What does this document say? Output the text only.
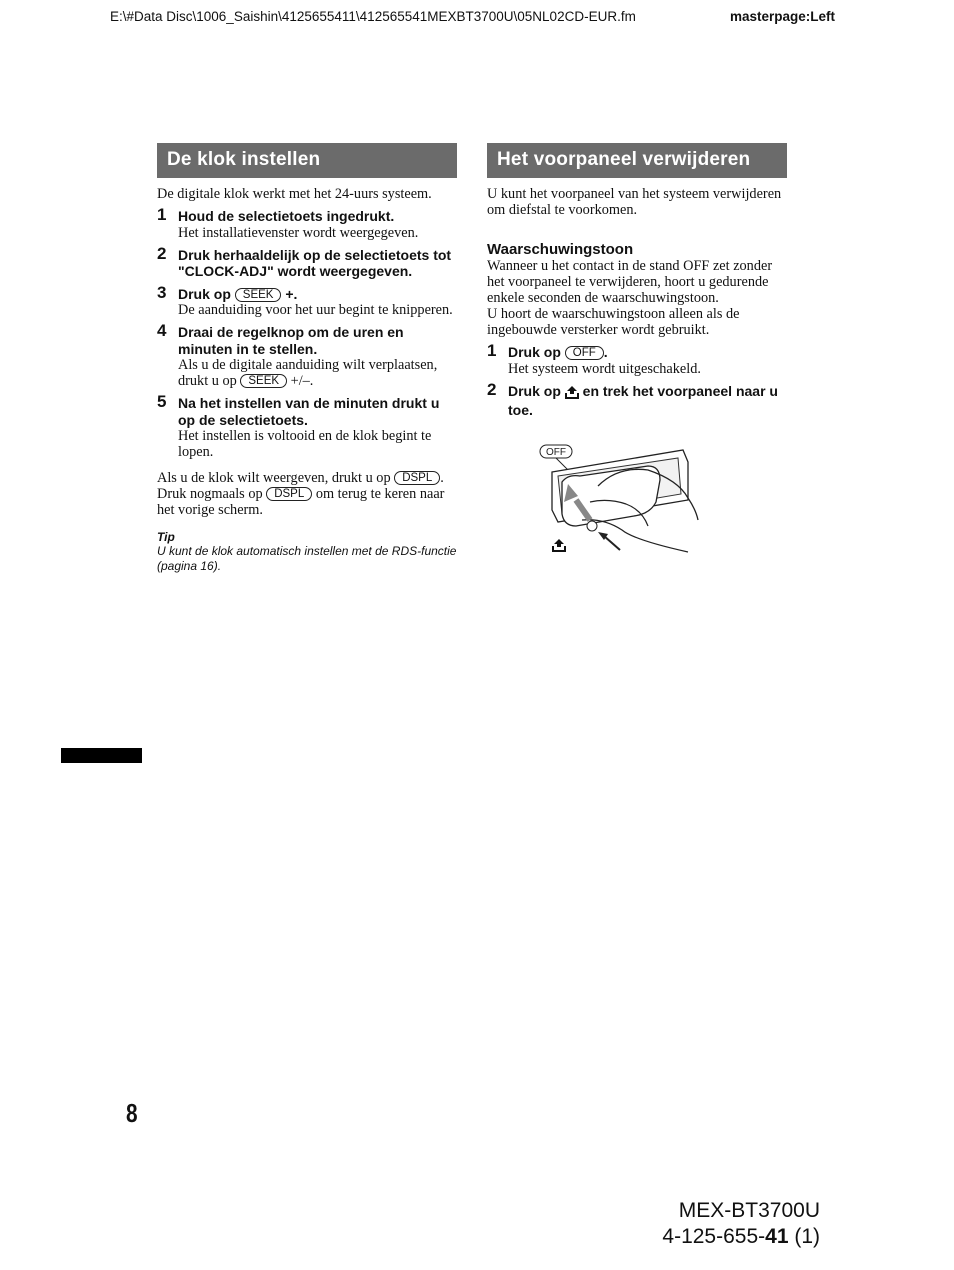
E:\#Data Disc\1006_Saishin\4125655411\412565541MEXBT3700U\05NL02CD-EUR.fm	masterpage:Left
De klok instellen

De digitale klok werkt met het 24-uurs systeem.

1 Houd de selectietoets ingedrukt.
Het installatievenster wordt weergegeven.
2 Druk herhaaldelijk op de selectietoets tot "CLOCK-ADJ" wordt weergegeven.
3 Druk op SEEK +.
De aanduiding voor het uur begint te knipperen.
4 Draai de regelknop om de uren en minuten in te stellen.
Als u de digitale aanduiding wilt verplaatsen, drukt u op SEEK +/–.
5 Na het instellen van de minuten drukt u op de selectietoets.
Het instellen is voltooid en de klok begint te lopen.

Als u de klok wilt weergeven, drukt u op DSPL . Druk nogmaals op DSPL om terug te keren naar het vorige scherm.

Tip
U kunt de klok automatisch instellen met de RDS-functie (pagina 16).
Het voorpaneel verwijderen

U kunt het voorpaneel van het systeem verwijderen om diefstal te voorkomen.

Waarschuwingstoon

Wanneer u het contact in de stand OFF zet zonder het voorpaneel te verwijderen, hoort u gedurende enkele seconden de waarschuwingstoon.

U hoort de waarschuwingstoon alleen als de ingebouwde versterker wordt gebruikt.

1 Druk op OFF .
Het systeem wordt uitgeschakeld.
2 Druk op en trek het voorpaneel naar u toe.
OFF
8
MEX-BT3700U
4-125-655-41 (1)
